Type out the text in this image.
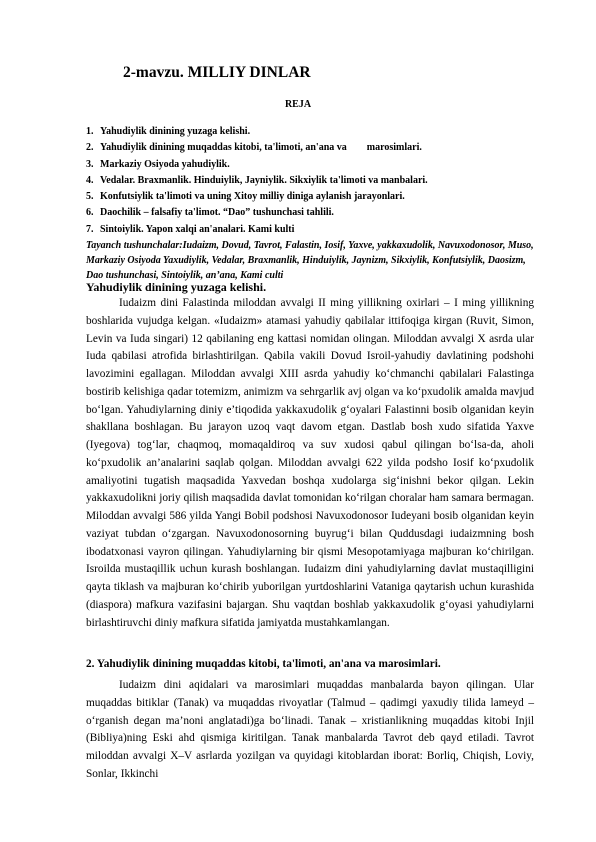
2-mavzu. MILLIY DINLAR
REJA
1. Yahudiylik dinining yuzaga kelishi.
2. Yahudiylik dinining muqaddas kitobi, ta'limoti, an'ana va        marosimlari.
3. Markaziy Osiyoda yahudiylik.
4. Vedalar. Braxmanlik. Hinduiylik, Jayniylik. Sikxiylik ta'limoti va manbalari.
5. Konfutsiylik ta'limoti va uning Xitoy milliy diniga aylanish jarayonlari.
6. Daochilik – falsafiy ta'limot. “Dao” tushunchasi tahlili.
7. Sintoiylik. Yapon xalqi an'analari. Kami kulti
Tayanch tushunchalar:Iudaizm, Dovud, Tavrot, Falastin, Iosif, Yaxve, yakkaxudolik, Navuxodonosor, Muso, Markaziy Osiyoda Yaxudiylik, Vedalar, Braxmanlik, Hinduiylik, Jaynizm, Sikxiylik, Konfutsiylik, Daosizm, Dao tushunchasi, Sintoiylik, an’ana, Kami culti
Yahudiylik dinining yuzaga kelishi.

Iudaizm dini Falastinda miloddan avvalgi II ming yillikning oxirlari – I ming yillikning boshlarida vujudga kelgan. «Iudaizm» atamasi yahudiy qabilalar ittifoqiga kirgan (Ruvit, Simon, Levin va Iuda singari) 12 qabilaning eng kattasi nomidan olingan. Miloddan avvalgi X asrda ular Iuda qabilasi atrofida birlashtirilgan. Qabila vakili Dovud Isroil-yahudiy davlatining podshohi lavozimini egallagan. Miloddan avvalgi XIII asrda yahudiy ko‘chmanchi qabilalari Falastinga bostirib kelishiga qadar totemizm, animizm va sehrgarlik avj olgan va ko‘pxudolik amalda mavjud bo‘lgan. Yahudiylarning diniy e’tiqodida yakkaxudolik g‘oyalari Falastinni bosib olganidan keyin shakllana boshlagan. Bu jarayon uzoq vaqt davom etgan. Dastlab bosh xudo sifatida Yaxve (Iyegova) tog‘lar, chaqmoq, momaqaldiroq va suv xudosi qabul qilingan bo‘lsa-da, aholi ko‘pxudolik an’analarini saqlab qolgan. Miloddan avvalgi 622 yilda podsho Iosif ko‘pxudolik amaliyotini tugatish maqsadida Yaxvedan boshqa xudolarga sig‘inishni bekor qilgan. Lekin yakkaxudolikni joriy qilish maqsadida davlat tomonidan ko‘rilgan choralar ham samara bermagan. Miloddan avvalgi 586 yilda Yangi Bobil podshosi Navuxodonosor Iudeyani bosib olganidan keyin vaziyat tubdan o‘zgargan. Navuxodonosorning buyrug‘i bilan Quddusdagi iudaizmning bosh ibodatxonasi vayron qilingan. Yahudiylarning bir qismi Mesopotamiyaga majburan ko‘chirilgan. Isroilda mustaqillik uchun kurash boshlangan. Iudaizm dini yahudiylarning davlat mustaqilligini qayta tiklash va majburan ko‘chirib yuborilgan yurtdoshlarini Vataniga qaytarish uchun kurashida (diaspora) mafkura vazifasini bajargan. Shu vaqtdan boshlab yakkaxudolik g‘oyasi yahudiylarni birlashtiruvchi diniy mafkura sifatida jamiyatda mustahkamlangan.

2. Yahudiylik dinining muqaddas kitobi, ta'limoti, an'ana va marosimlari.

Iudaizm dini aqidalari va marosimlari muqaddas manbalarda bayon qilingan. Ular muqaddas bitiklar (Tanak) va muqaddas rivoyatlar (Talmud – qadimgi yaxudiy tilida lameyd – o‘rganish degan ma’noni anglatadi)ga bo‘linadi. Tanak – xristianlikning muqaddas kitobi Injil (Bibliya)ning Eski ahd qismiga kiritilgan. Tanak manbalarda Tavrot deb qayd etiladi. Tavrot miloddan avvalgi X–V asrlarda yozilgan va quyidagi kitoblardan iborat: Borliq, Chiqish, Loviy, Sonlar, Ikkinchi
